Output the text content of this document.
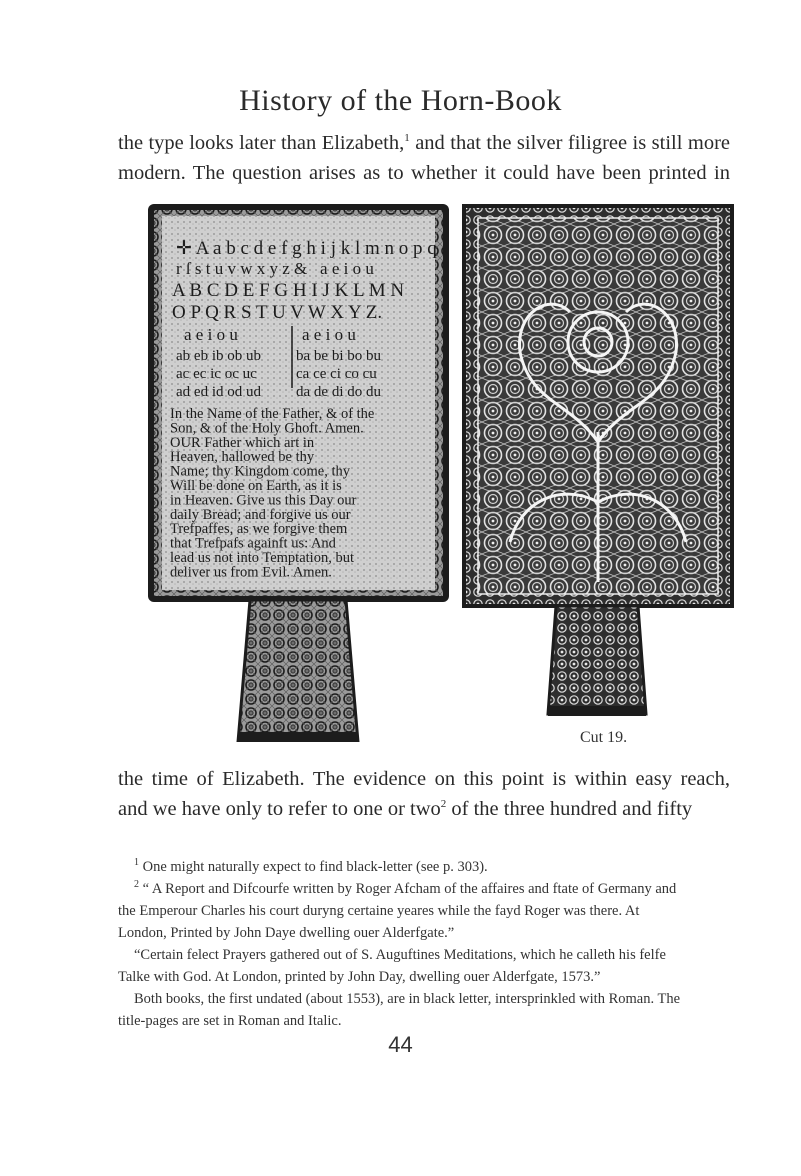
History of the Horn-Book
the type looks later than Elizabeth,$^1$ and that the silver filigree is still more
modern. The question arises as to whether it could have been printed in
✛ A a b c d e f g h i j k l m n o p q
r ſ s t u v w x y z &   a e i o u
A B C D E F G H I J K L M N
O P Q R S T U V W X Y Z.
a e i o u	a e i o u
ab eb ib ob ub ba be bi bo bu
ac ec ic oc uc	ca ce ci co cu
ad ed id od ud da de di do du
In the Name of the Father, & of the
Son, & of the Holy Ghoft. Amen.
OUR Father which art in
Heaven, hallowed be thy
Name; thy Kingdom come, thy
Will be done on Earth, as it is
in Heaven. Give us this Day our
daily Bread; and forgive us our
Trefpaffes, as we forgive them
that Trefpafs againft us: And
lead us not into Temptation, but
deliver us from Evil. Amen.
Cut 19.
the time of Elizabeth. The evidence on this point is within easy reach,
and we have only to refer to one or two$^2$ of the three hundred and fifty
$^1$ One might naturally expect to find black-letter (see p. 303).
$^2$ “ A Report and Difcourfe written by Roger Afcham of the affaires and ftate of Germany and
the Emperour Charles his court duryng certaine yeares while the fayd Roger was there. At
London, Printed by John Daye dwelling ouer Alderfgate.”
“Certain felect Prayers gathered out of S. Auguftines Meditations, which he calleth his felfe
Talke with God. At London, printed by John Day, dwelling ouer Alderfgate, 1573.”
Both books, the first undated (about 1553), are in black letter, intersprinkled with Roman. The
title-pages are set in Roman and Italic.
44
